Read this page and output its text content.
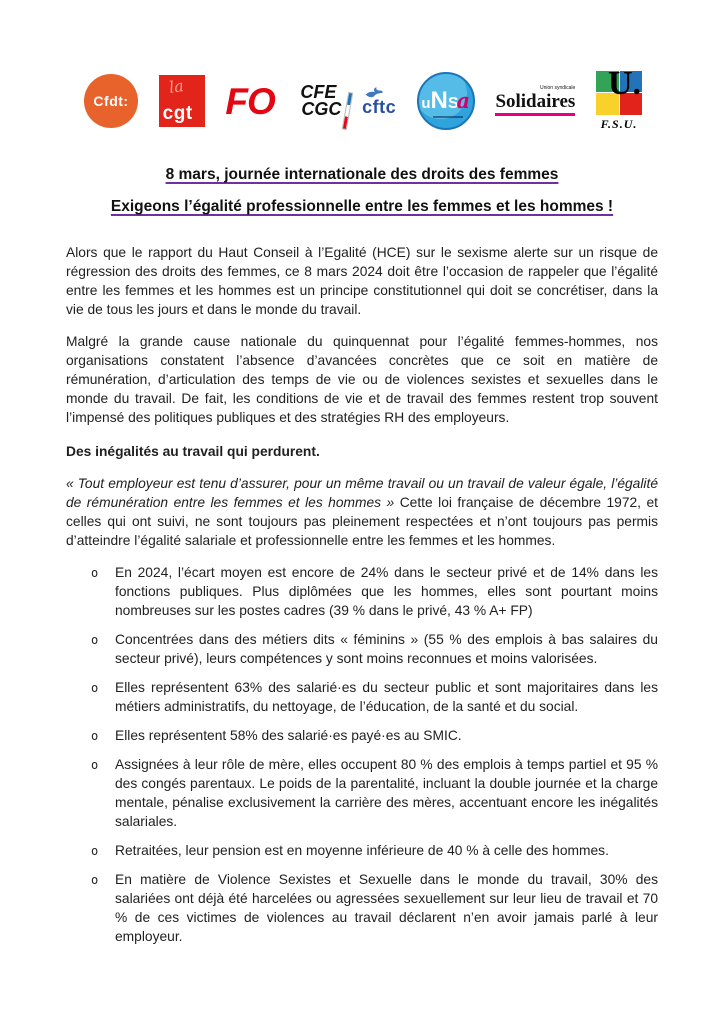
Cfdt:
la
cgt FO CFE
CGC cftc uNSa
Union syndicale
Solidaires
U.
F.S.U.
8 mars, journée internationale des droits des femmes
Exigeons l’égalité professionnelle entre les femmes et les hommes !

Alors que le rapport du Haut Conseil à l’Egalité (HCE) sur le sexisme alerte sur un risque de régression des droits des femmes, ce 8 mars 2024 doit être l’occasion de rappeler que l’égalité entre les femmes et les hommes est un principe constitutionnel qui doit se concrétiser, dans la vie de tous les jours et dans le monde du travail.

Malgré la grande cause nationale du quinquennat pour l’égalité femmes-hommes, nos organisations constatent l’absence d’avancées concrètes que ce soit en matière de rémunération, d’articulation des temps de vie ou de violences sexistes et sexuelles dans le monde du travail. De fait, les conditions de vie et de travail des femmes restent trop souvent l’impensé des politiques publiques et des stratégies RH des employeurs.

Des inégalités au travail qui perdurent.

« Tout employeur est tenu d’assurer, pour un même travail ou un travail de valeur égale, l’égalité de rémunération entre les femmes et les hommes » Cette loi française de décembre 1972, et celles qui ont suivi, ne sont toujours pas pleinement respectées et n’ont toujours pas permis d’atteindre l’égalité salariale et professionnelle entre les femmes et les hommes.

o En 2024, l’écart moyen est encore de 24% dans le secteur privé et de 14% dans les fonctions publiques. Plus diplômées que les hommes, elles sont pourtant moins nombreuses sur les postes cadres (39 % dans le privé, 43 % A+ FP)
o Concentrées dans des métiers dits « féminins » (55 % des emplois à bas salaires du secteur privé), leurs compétences y sont moins reconnues et moins valorisées.
o Elles représentent 63% des salarié·es du secteur public et sont majoritaires dans les métiers administratifs, du nettoyage, de l’éducation, de la santé et du social.
o Elles représentent 58% des salarié·es payé·es au SMIC.
o Assignées à leur rôle de mère, elles occupent 80 % des emplois à temps partiel et 95 % des congés parentaux. Le poids de la parentalité, incluant la double journée et la charge mentale, pénalise exclusivement la carrière des mères, accentuant encore les inégalités salariales.
o Retraitées, leur pension est en moyenne inférieure de 40 % à celle des hommes.
o En matière de Violence Sexistes et Sexuelle dans le monde du travail, 30% des salariées ont déjà été harcelées ou agressées sexuellement sur leur lieu de travail et 70 % de ces victimes de violences au travail déclarent n’en avoir jamais parlé à leur employeur.
